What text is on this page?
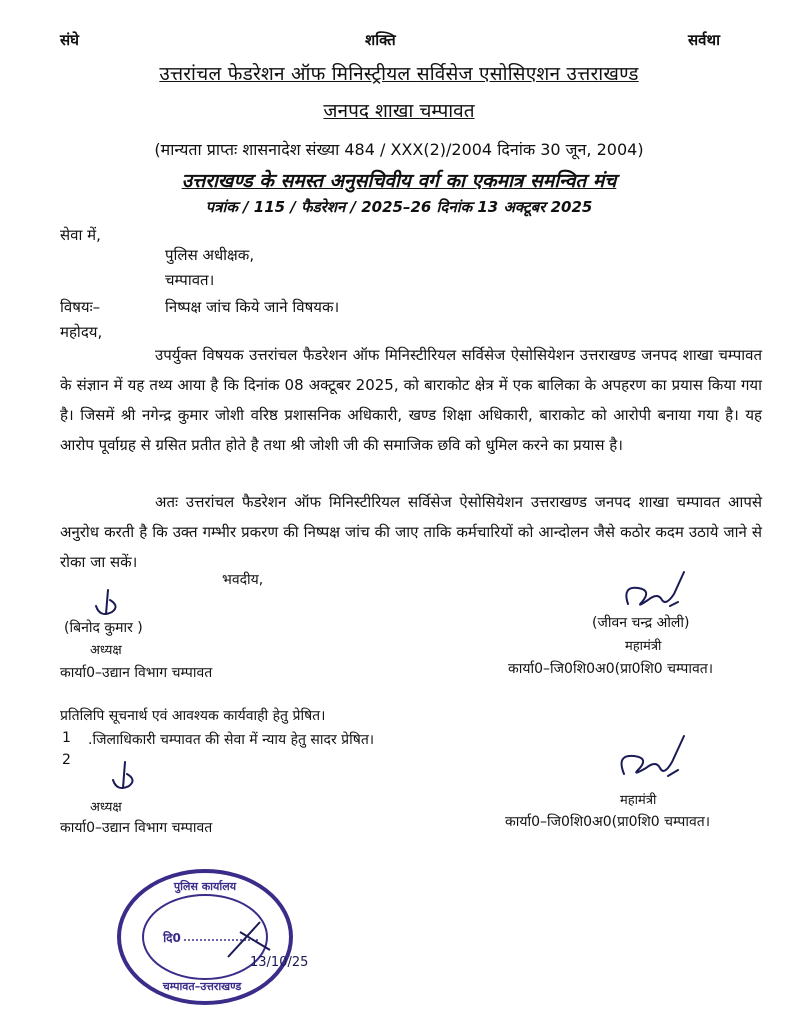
संघे	शक्ति	सर्वथा
उत्तरांचल फेडरेशन ऑफ मिनिस्ट्रीयल सर्विसेज एसोसिएशन उत्तराखण्ड
जनपद शाखा चम्पावत
(मान्यता प्राप्तः शासनादेश संख्या 484 / XXX(2)/2004 दिनांक 30 जून, 2004)
उत्तराखण्ड के समस्त अनुसचिवीय वर्ग का एकमात्र समन्वित मंच
पत्रांक / 115 / फैडरेशन / 2025–26 दिनांक 13 अक्टूबर 2025
सेवा में,
पुलिस अधीक्षक,
चम्पावत।
विषयः–	निष्पक्ष जांच किये जाने विषयक।
महोदय,
उपर्युक्त विषयक उत्तरांचल फैडरेशन ऑफ मिनिस्टीरियल सर्विसेज ऐसोसियेशन उत्तराखण्ड जनपद शाखा चम्पावत के संज्ञान में यह तथ्य आया है कि दिनांक 08 अक्टूबर 2025, को बाराकोट क्षेत्र में एक बालिका के अपहरण का प्रयास किया गया है। जिसमें श्री नगेन्द्र कुमार जोशी वरिष्ठ प्रशासनिक अधिकारी, खण्ड शिक्षा अधिकारी, बाराकोट को आरोपी बनाया गया है। यह आरोप पूर्वाग्रह से ग्रसित प्रतीत होते है तथा श्री जोशी जी की समाजिक छवि को धुमिल करने का प्रयास है।
अतः उत्तरांचल फैडरेशन ऑफ मिनिस्टीरियल सर्विसेज ऐसोसियेशन उत्तराखण्ड जनपद शाखा चम्पावत आपसे अनुरोध करती है कि उक्त गम्भीर प्रकरण की निष्पक्ष जांच की जाए ताकि कर्मचारियों को आन्दोलन जैसे कठोर कदम उठाये जाने से रोका जा सकें।
भवदीय,
(बिनोद कुमार )
अध्यक्ष
कार्या0–उद्यान विभाग चम्पावत
(जीवन चन्द्र ओली)
महामंत्री
कार्या0–जि0शि0अ0(प्रा0शि0 चम्पावत।
प्रतिलिपि सूचनार्थ एवं आवश्यक कार्यवाही हेतु प्रेषित।
1 .जिलाधिकारी चम्पावत की सेवा में न्याय हेतु सादर प्रेषित।
2
अध्यक्ष
कार्या0–उद्यान विभाग चम्पावत
महामंत्री
कार्या0–जि0शि0अ0(प्रा0शि0 चम्पावत।
पुलिस कार्यालय
दि0
चम्पावत–उत्तराखण्ड
13/10/25
